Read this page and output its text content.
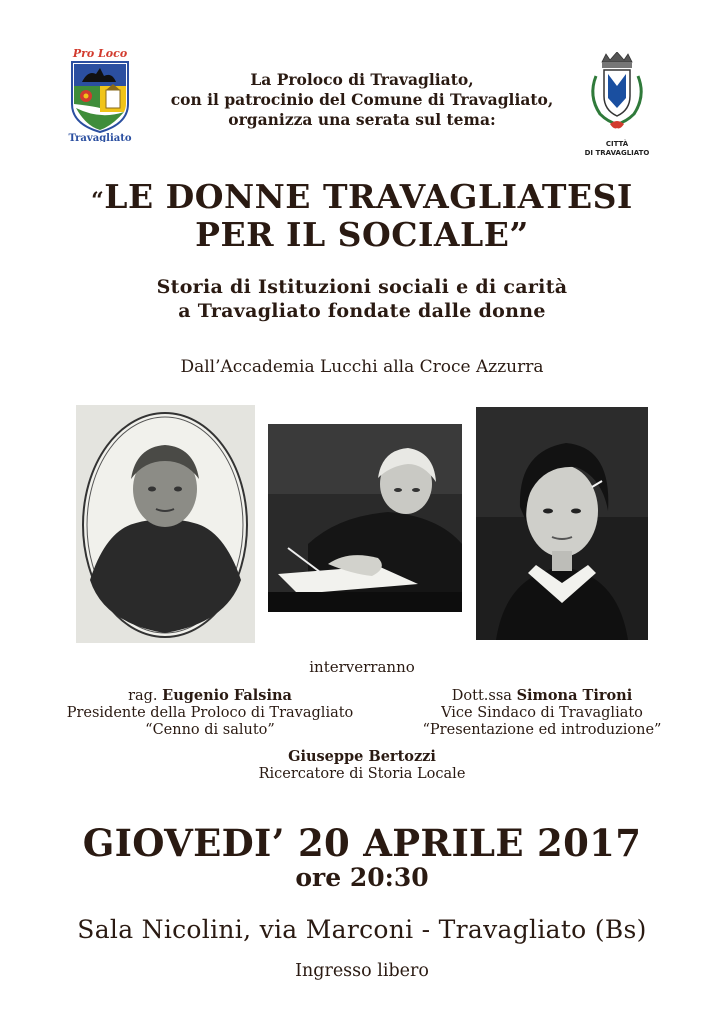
Pro Loco
Travagliato	CITTÀ
DI TRAVAGLIATO
La Proloco di Travagliato,
con il patrocinio del Comune di Travagliato,
organizza una serata sul tema:
“LE DONNE TRAVAGLIATESI
PER IL SOCIALE”
Storia di Istituzioni sociali e di carità
a Travagliato fondate dalle donne
Dall’Accademia Lucchi alla Croce Azzurra
interverranno
rag. Eugenio Falsina
Presidente della Proloco di Travagliato
“Cenno di saluto”
Dott.ssa Simona Tironi
Vice Sindaco di Travagliato
“Presentazione ed introduzione”
Giuseppe Bertozzi
Ricercatore di Storia Locale
GIOVEDI’ 20 APRILE 2017
ore 20:30
Sala Nicolini, via Marconi - Travagliato (Bs)
Ingresso libero
